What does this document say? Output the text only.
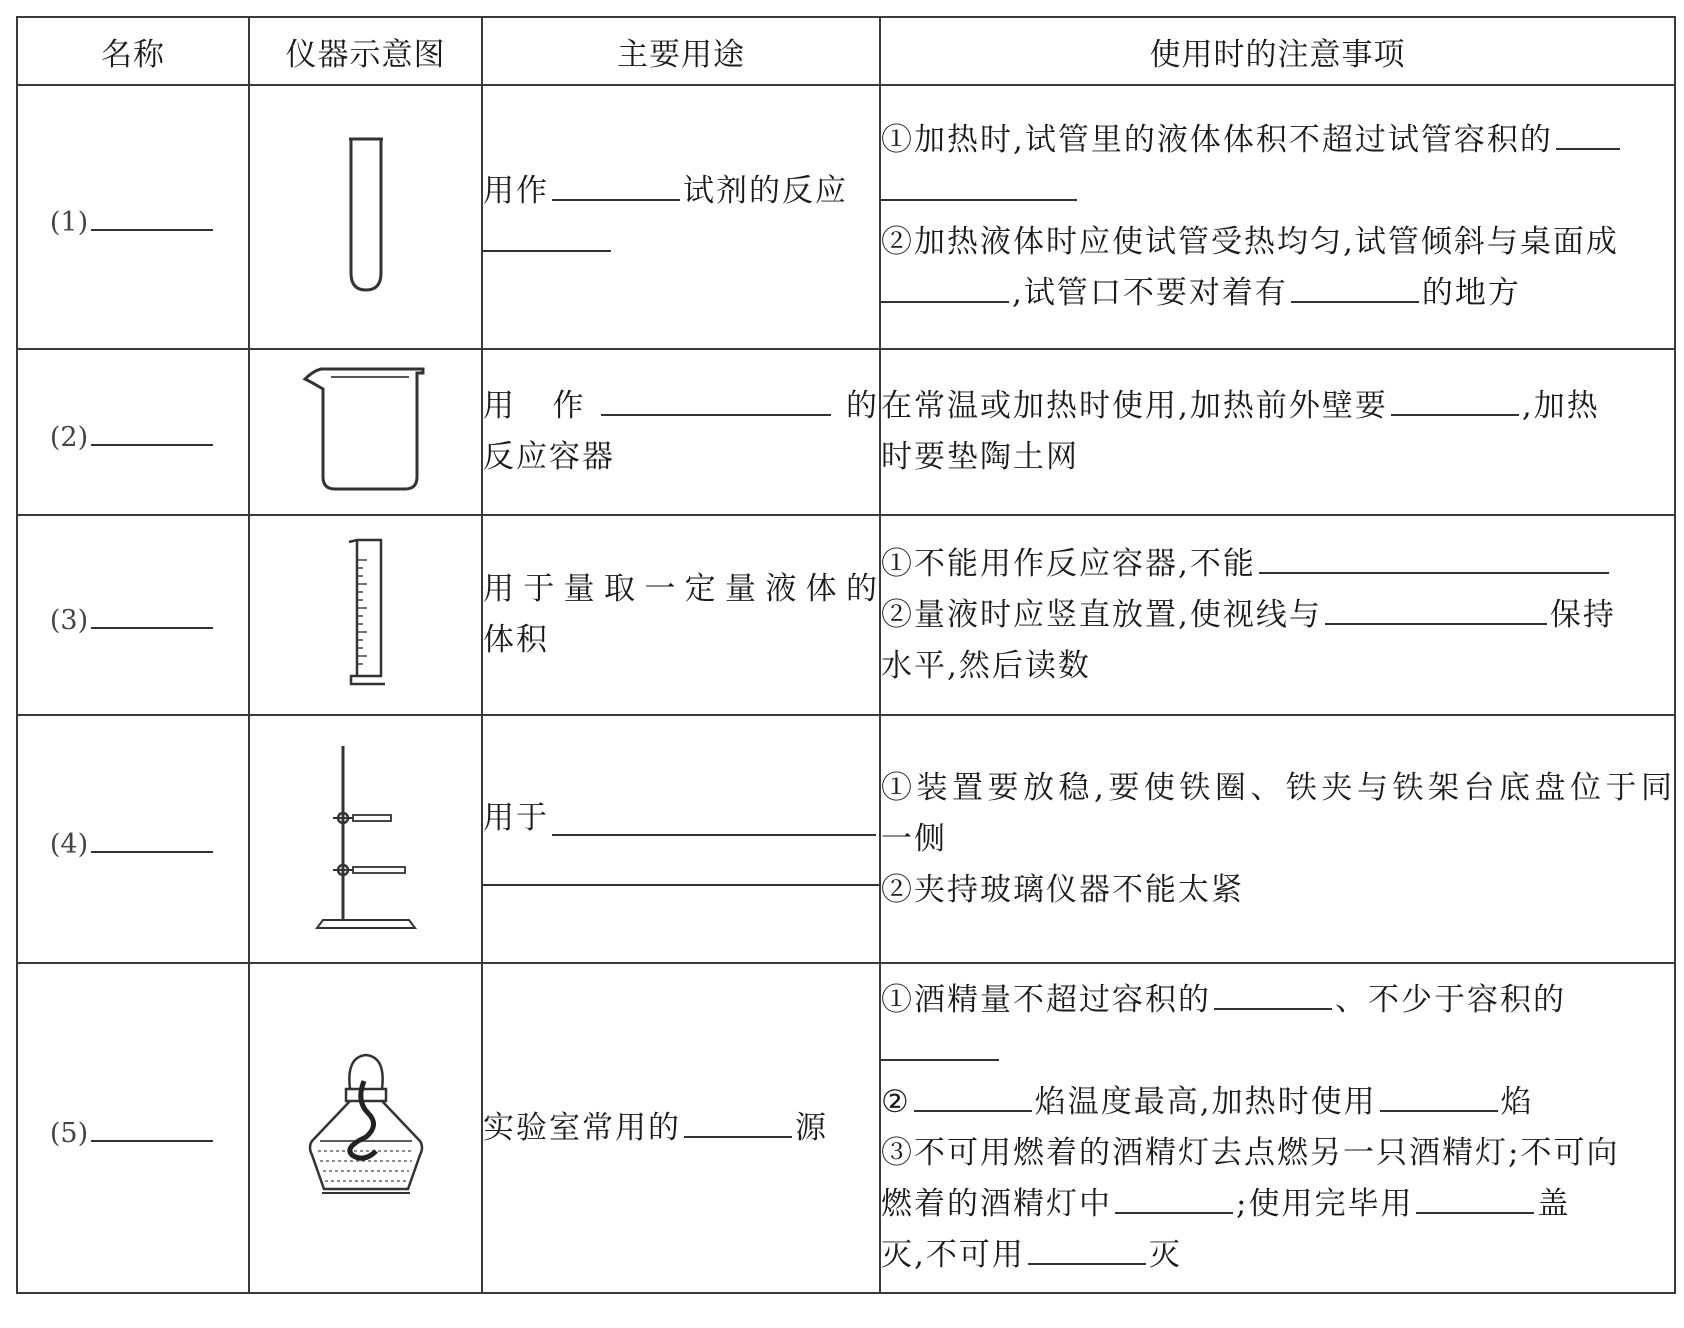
名称	仪器示意图	主要用途	使用时的注意事项
(1)		用作 试剂的反应	①加热时,试管里的液体体积不超过试管容积的

②加热液体时应使试管受热均匀,试管倾斜与桌面成
,试管口不要对着有 的地方
(2)		用 作 的
反应容器	在常温或加热时使用,加热前外壁要 ,加热
时要垫陶土网
(3)		用于量取一定量液体的
体积	①不能用作反应容器,不能
②量液时应竖直放置,使视线与 保持
水平,然后读数
(4)		用于	①装置要放稳,要使铁圈、铁夹与铁架台底盘位于同
一侧
②夹持玻璃仪器不能太紧

(5)		实验室常用的 源	①酒精量不超过容积的 、不少于容积的

② 焰温度最高,加热时使用 焰
③不可用燃着的酒精灯去点燃另一只酒精灯;不可向
燃着的酒精灯中 ;使用完毕用 盖
灭,不可用 灭
